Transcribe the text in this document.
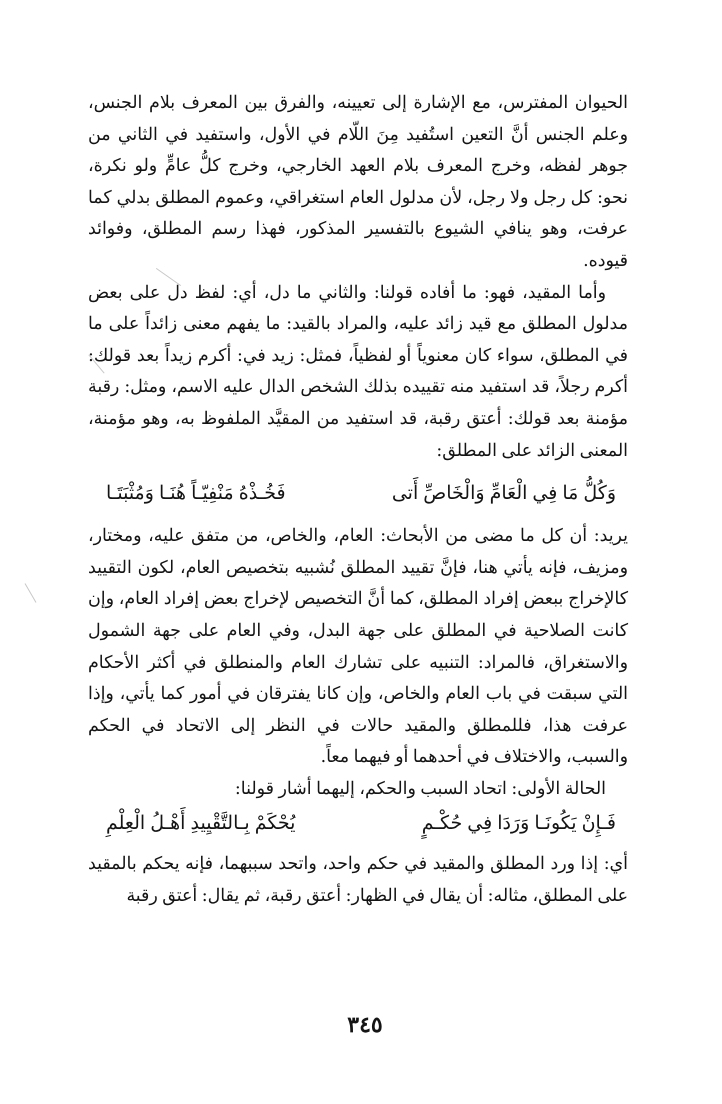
الحيوان المفترس، مع الإشارة إلى تعيينه، والفرق بين المعرف بلام الجنس، وعلم الجنس أنَّ التعين استُفيد مِنَ اللّام في الأول، واستفيد في الثاني من جوهر لفظه، وخرج المعرف بلام العهد الخارجي، وخرج كلُّ عامٍّ ولو نكرة، نحو: كل رجل ولا رجل، لأن مدلول العام استغراقي، وعموم المطلق بدلي كما عرفت، وهو ينافي الشيوع بالتفسير المذكور، فهذا رسم المطلق، وفوائد قيوده.

وأما المقيد، فهو: ما أفاده قولنا: والثاني ما دل، أي: لفظ دل على بعض مدلول المطلق مع قيد زائد عليه، والمراد بالقيد: ما يفهم معنى زائداً على ما في المطلق، سواء كان معنوياً أو لفظياً، فمثل: زيد في: أكرم زيداً بعد قولك: أكرم رجلاً، قد استفيد منه تقييده بذلك الشخص الدال عليه الاسم، ومثل: رقبة مؤمنة بعد قولك: أعتق رقبة، قد استفيد من المقيَّد الملفوظ به، وهو مؤمنة، المعنى الزائد على المطلق:

وَكُلُّ مَا فِي الْعَامِّ وَالْخَاصِّ أَتى
فَخُـذْهُ مَنْفِيّـاً هُنَـا وَمُثْبَتَـا

يريد: أن كل ما مضى من الأبحاث: العام، والخاص، من متفق عليه، ومختار، ومزيف، فإنه يأتي هنا، فإنَّ تقييد المطلق نُشبيه بتخصيص العام، لكون التقييد كالإخراج ببعض إفراد المطلق، كما أنَّ التخصيص لإخراج بعض إفراد العام، وإن كانت الصلاحية في المطلق على جهة البدل، وفي العام على جهة الشمول والاستغراق، فالمراد: التنبيه على تشارك العام والمنطلق في أكثر الأحكام التي سبقت في باب العام والخاص، وإن كانا يفترقان في أمور كما يأتي، وإذا عرفت هذا، فللمطلق والمقيد حالات في النظر إلى الاتحاد في الحكم والسبب، والاختلاف في أحدهما أو فيهما معاً.

الحالة الأولى: اتحاد السبب والحكم، إليهما أشار قولنا:

فَـإِنْ يَكُونَـا وَرَدَا فِي حُكْـمٍ
يُحْكَمْ بِـالتَّقْيِيدِ أَهْـلُ الْعِلْمِ

أي: إذا ورد المطلق والمقيد في حكم واحد، واتحد سببهما، فإنه يحكم بالمقيد على المطلق، مثاله: أن يقال في الظهار: أعتق رقبة، ثم يقال: أعتق رقبة

٣٤٥
